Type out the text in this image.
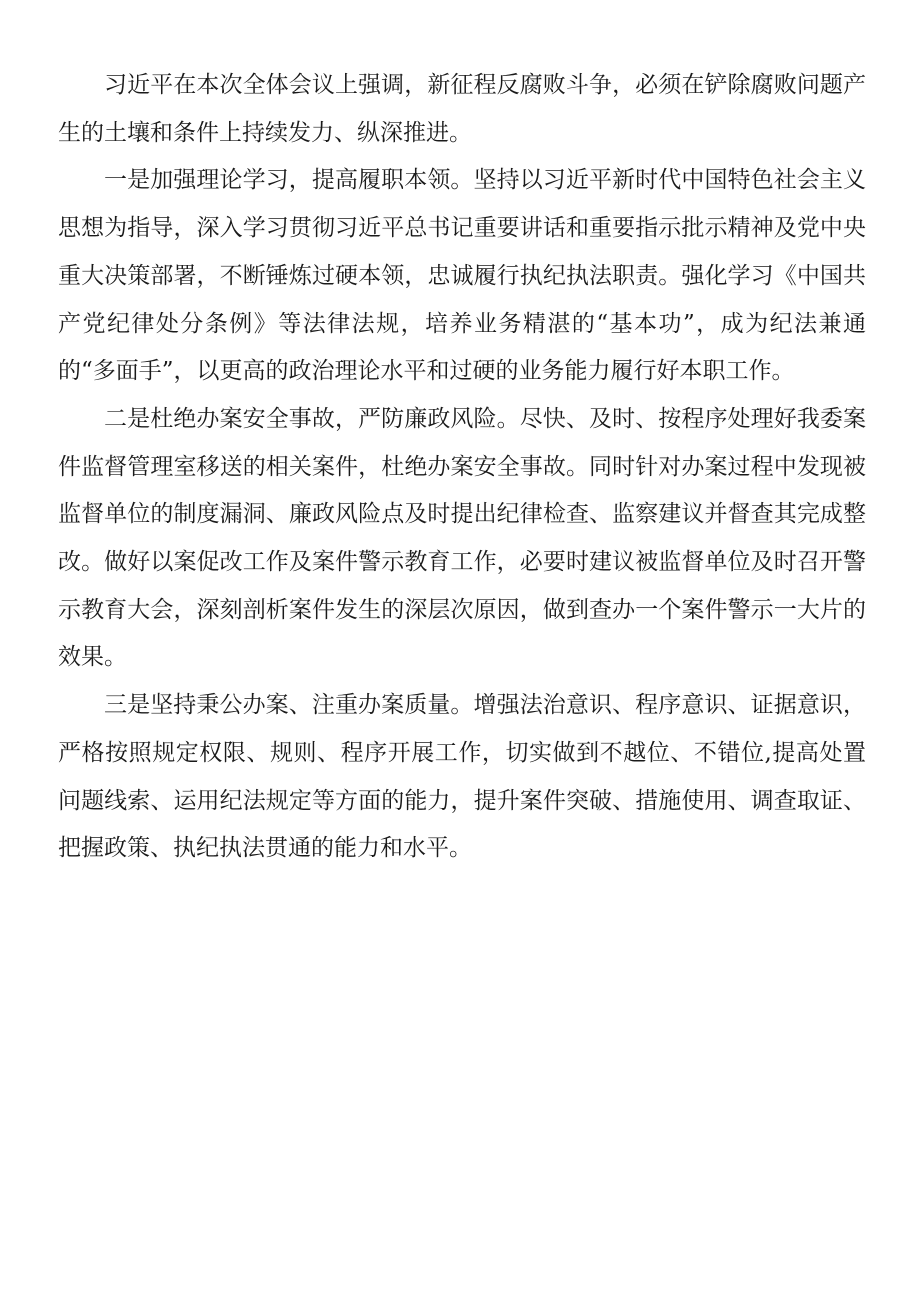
习近平在本次全体会议上强调，新征程反腐败斗争，必须在铲除腐败问题产生的土壤和条件上持续发力、纵深推进。

一是加强理论学习，提高履职本领。坚持以习近平新时代中国特色社会主义思想为指导，深入学习贯彻习近平总书记重要讲话和重要指示批示精神及党中央重大决策部署，不断锤炼过硬本领，忠诚履行执纪执法职责。强化学习《中国共产党纪律处分条例》等法律法规，培养业务精湛的“基本功”，成为纪法兼通的“多面手”，以更高的政治理论水平和过硬的业务能力履行好本职工作。

二是杜绝办案安全事故，严防廉政风险。尽快、及时、按程序处理好我委案件监督管理室移送的相关案件，杜绝办案安全事故。同时针对办案过程中发现被监督单位的制度漏洞、廉政风险点及时提出纪律检查、监察建议并督查其完成整改。做好以案促改工作及案件警示教育工作，必要时建议被监督单位及时召开警示教育大会，深刻剖析案件发生的深层次原因，做到查办一个案件警示一大片的效果。

三是坚持秉公办案、注重办案质量。增强法治意识、程序意识、证据意识，严格按照规定权限、规则、程序开展工作，切实做到不越位、不错位,提高处置问题线索、运用纪法规定等方面的能力，提升案件突破、措施使用、调查取证、把握政策、执纪执法贯通的能力和水平。
